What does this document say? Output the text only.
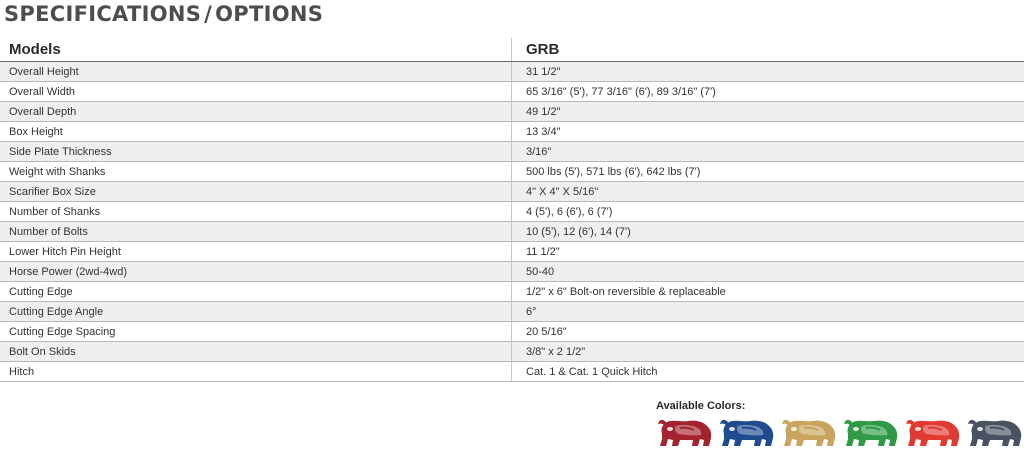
SPECIFICATIONS / OPTIONS
Models	GRB
Overall Height	31 1/2"
Overall Width	65 3/16" (5'), 77 3/16" (6'), 89 3/16" (7')
Overall Depth	49 1/2"
Box Height	13 3/4"
Side Plate Thickness	3/16"
Weight with Shanks	500 lbs (5'), 571 lbs (6'), 642 lbs (7')
Scarifier Box Size	4" X 4" X 5/16"
Number of Shanks	4 (5'), 6 (6'), 6 (7')
Number of Bolts	10 (5'), 12 (6'), 14 (7')
Lower Hitch Pin Height	11 1/2"
Horse Power (2wd-4wd)	50-40
Cutting Edge	1/2" x 6" Bolt-on reversible & replaceable
Cutting Edge Angle	6°
Cutting Edge Spacing	20 5/16"
Bolt On Skids	3/8" x 2 1/2"
Hitch	Cat. 1 & Cat. 1 Quick Hitch
Available Colors:
